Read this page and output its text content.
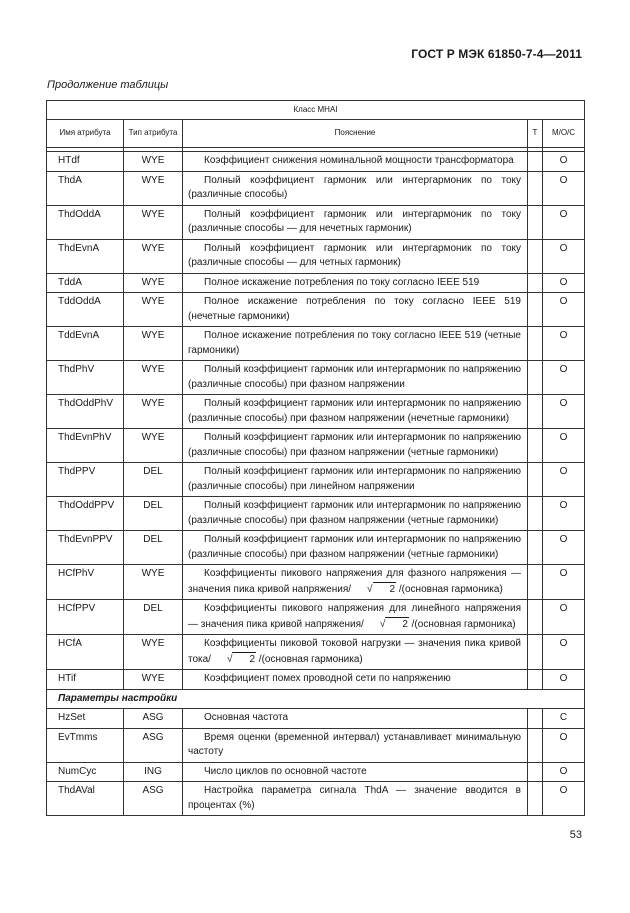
ГОСТ Р МЭК 61850-7-4—2011
Продолжение таблицы
Класс MHAI				
Имя атрибута	Тип атрибута	Пояснение	Т	M/O/C

HTdf	WYE	Коэффициент снижения номинальной мощности трансформатора		O
ThdA	WYE	Полный коэффициент гармоник или интергармоник по току (различные способы)		O
ThdOddA	WYE	Полный коэффициент гармоник или интергармоник по току (различные способы — для нечетных гармоник)		O
ThdEvnA	WYE	Полный коэффициент гармоник или интергармоник по току (различные способы — для четных гармоник)		O
TddA	WYE	Полное искажение потребления по току согласно IEEE 519		O
TddOddA	WYE	Полное искажение потребления по току согласно IEEE 519 (нечетные гармоники)		O
TddEvnA	WYE	Полное искажение потребления по току согласно IEEE 519 (четные гармоники)		O
ThdPhV	WYE	Полный коэффициент гармоник или интергармоник по напряжению (различные способы) при фазном напряжении		O
ThdOddPhV	WYE	Полный коэффициент гармоник или интергармоник по напряжению (различные способы) при фазном напряжении (нечетные гармоники)		O
ThdEvnPhV	WYE	Полный коэффициент гармоник или интергармоник по напряжению (различные способы) при фазном напряжении (четные гармоники)		O
ThdPPV	DEL	Полный коэффициент гармоник или интергармоник по напряжению (различные способы) при линейном напряжении		O
ThdOddPPV	DEL	Полный коэффициент гармоник или интергармоник по напряжению (различные способы) при фазном напряжении (четные гармоники)		O
ThdEvnPPV	DEL	Полный коэффициент гармоник или интергармоник по напряжению (различные способы) при фазном напряжении (четные гармоники)		O
HCfPhV	WYE	Коэффициенты пикового напряжения для фазного напряжения — значения пика кривой напряжения/ √ 2 /(основная гармоника)		O
HCfPPV	DEL	Коэффициенты пикового напряжения для линейного напряжения — значения пика кривой напряжения/ √ 2 /(основная гармоника)		O
HCfA	WYE	Коэффициенты пиковой токовой нагрузки — значения пика кривой тока/ √ 2 /(основная гармоника)		O
HTif	WYE	Коэффициент помех проводной сети по напряжению		O
Параметры настройки				
HzSet	ASG	Основная частота		C
EvTmms	ASG	Время оценки (временной интервал) устанавливает минимальную частоту		O
NumCyc	ING	Число циклов по основной частоте		O
ThdAVal	ASG	Настройка параметра сигнала ThdA — значение вводится в процентах (%)		O
53
